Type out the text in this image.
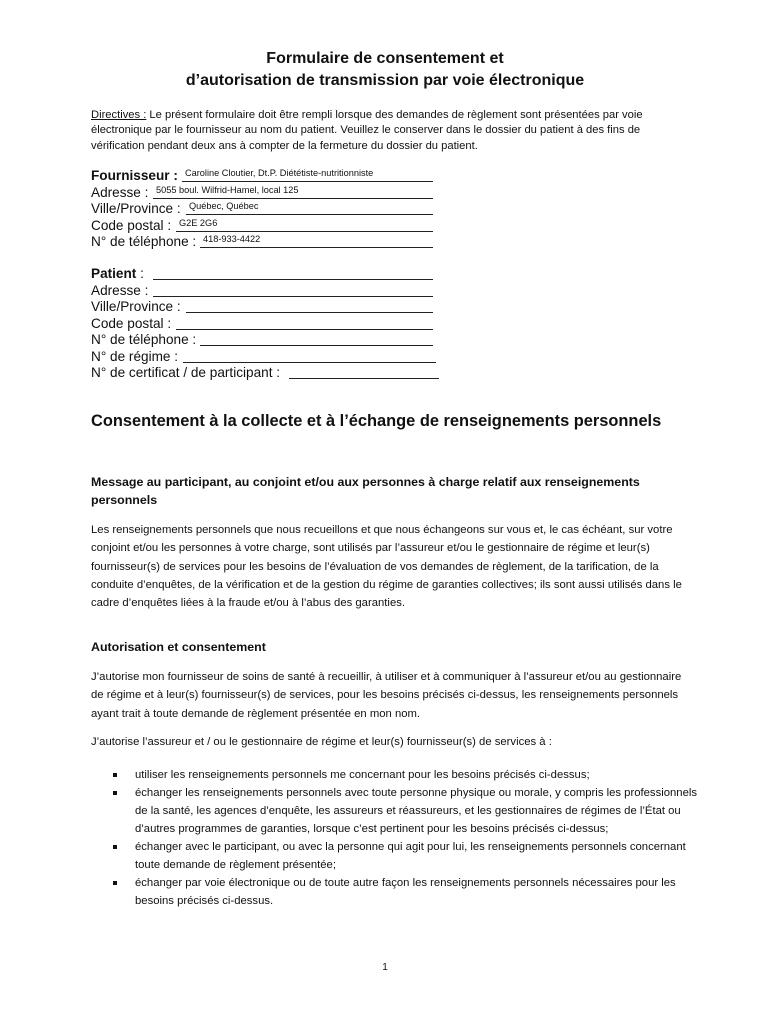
Formulaire de consentement et
d’autorisation de transmission par voie électronique
Directives : Le présent formulaire doit être rempli lorsque des demandes de règlement sont présentées par voie électronique par le fournisseur au nom du patient. Veuillez le conserver dans le dossier du patient à des fins de vérification pendant deux ans à compter de la fermeture du dossier du patient.
Fournisseur : Caroline Cloutier, Dt.P. Diététiste-nutritionniste
Adresse : 5055 boul. Wilfrid-Hamel, local 125
Ville/Province : Québec, Québec
Code postal : G2E 2G6
N° de téléphone : 418-933-4422
Patient :
Adresse :
Ville/Province :
Code postal :
N° de téléphone :
N° de régime :
N° de certificat / de participant :
Consentement à la collecte et à l’échange de renseignements personnels
Message au participant, au conjoint et/ou aux personnes à charge relatif aux renseignements personnels
Les renseignements personnels que nous recueillons et que nous échangeons sur vous et, le cas échéant, sur votre conjoint et/ou les personnes à votre charge, sont utilisés par l’assureur et/ou le gestionnaire de régime et leur(s) fournisseur(s) de services pour les besoins de l’évaluation de vos demandes de règlement, de la tarification, de la conduite d’enquêtes, de la vérification et de la gestion du régime de garanties collectives; ils sont aussi utilisés dans le cadre d’enquêtes liées à la fraude et/ou à l’abus des garanties.
Autorisation et consentement
J’autorise mon fournisseur de soins de santé à recueillir, à utiliser et à communiquer à l’assureur et/ou au gestionnaire de régime et à leur(s) fournisseur(s) de services, pour les besoins précisés ci-dessus, les renseignements personnels ayant trait à toute demande de règlement présentée en mon nom.
J’autorise l’assureur et / ou le gestionnaire de régime et leur(s) fournisseur(s) de services à :
utiliser les renseignements personnels me concernant pour les besoins précisés ci-dessus;
échanger les renseignements personnels avec toute personne physique ou morale, y compris les professionnels de la santé, les agences d’enquête, les assureurs et réassureurs, et les gestionnaires de régimes de l’État ou d’autres programmes de garanties, lorsque c’est pertinent pour les besoins précisés ci-dessus;
échanger avec le participant, ou avec la personne qui agit pour lui, les renseignements personnels concernant toute demande de règlement présentée;
échanger par voie électronique ou de toute autre façon les renseignements personnels nécessaires pour les besoins précisés ci-dessus.
1
